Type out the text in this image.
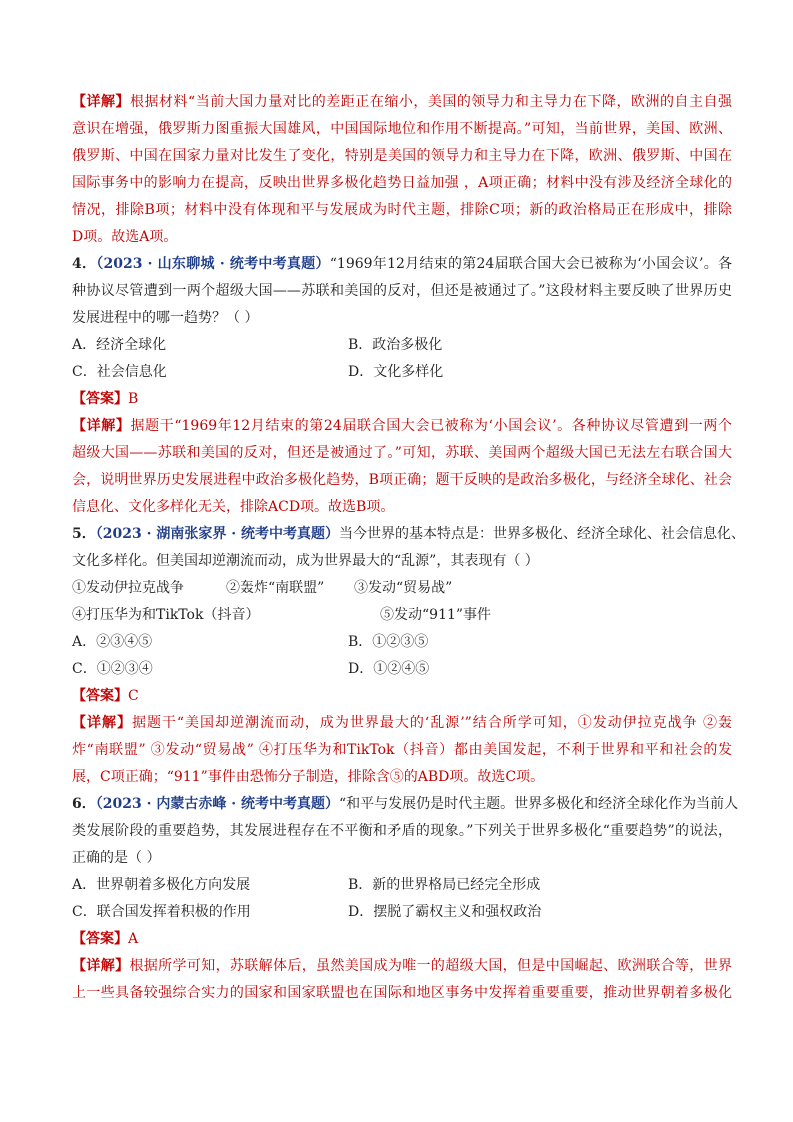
【详解】根据材料“当前大国力量对比的差距正在缩小，美国的领导力和主导力在下降，欧洲的自主自强
意识在增强，俄罗斯力图重振大国雄风，中国国际地位和作用不断提高。”可知，当前世界，美国、欧洲、
俄罗斯、中国在国家力量对比发生了变化，特别是美国的领导力和主导力在下降，欧洲、俄罗斯、中国在
国际事务中的影响力在提高，反映出世界多极化趋势日益加强 ，A项正确；材料中没有涉及经济全球化的
情况，排除B项；材料中没有体现和平与发展成为时代主题，排除C项；新的政治格局正在形成中，排除
D项。故选A项。
4．（2023 · 山东聊城 · 统考中考真题）“1969年12月结束的第24届联合国大会已被称为‘小国会议’。各
种协议尽管遭到一两个超级大国——苏联和美国的反对，但还是被通过了。”这段材料主要反映了世界历史
发展进程中的哪一趋势？（ ）
A．经济全球化	B．政治多极化
C．社会信息化	D．文化多样化
【答案】B
【详解】据题干“1969年12月结束的第24届联合国大会已被称为‘小国会议’。各种协议尽管遭到一两个
超级大国——苏联和美国的反对，但还是被通过了。”可知，苏联、美国两个超级大国已无法左右联合国大
会，说明世界历史发展进程中政治多极化趋势，B项正确；题干反映的是政治多极化，与经济全球化、社会
信息化、文化多样化无关，排除ACD项。故选B项。
5．（2023 · 湖南张家界 · 统考中考真题）当今世界的基本特点是：世界多极化、经济全球化、社会信息化、
文化多样化。但美国却逆潮流而动，成为世界最大的“乱源”，其表现有（ ）
①发动伊拉克战争	②轰炸“南联盟” ③发动“贸易战”
④打压华为和TikTok（抖音）	⑤发动“911”事件
A．②③④⑤	B．①②③⑤
C．①②③④	D．①②④⑤
【答案】C
【详解】据题干“美国却逆潮流而动，成为世界最大的‘乱源’”结合所学可知，①发动伊拉克战争 ②轰
炸“南联盟” ③发动“贸易战” ④打压华为和TikTok（抖音）都由美国发起，不利于世界和平和社会的发
展，C项正确；“911”事件由恐怖分子制造，排除含⑤的ABD项。故选C项。
6．（2023 · 内蒙古赤峰 · 统考中考真题）“和平与发展仍是时代主题。世界多极化和经济全球化作为当前人
类发展阶段的重要趋势，其发展进程存在不平衡和矛盾的现象。”下列关于世界多极化“重要趋势”的说法，
正确的是（ ）
A．世界朝着多极化方向发展	B．新的世界格局已经完全形成
C．联合国发挥着积极的作用	D．摆脱了霸权主义和强权政治
【答案】A
【详解】根据所学可知，苏联解体后，虽然美国成为唯一的超级大国，但是中国崛起、欧洲联合等，世界
上一些具备较强综合实力的国家和国家联盟也在国际和地区事务中发挥着重要重要，推动世界朝着多极化
